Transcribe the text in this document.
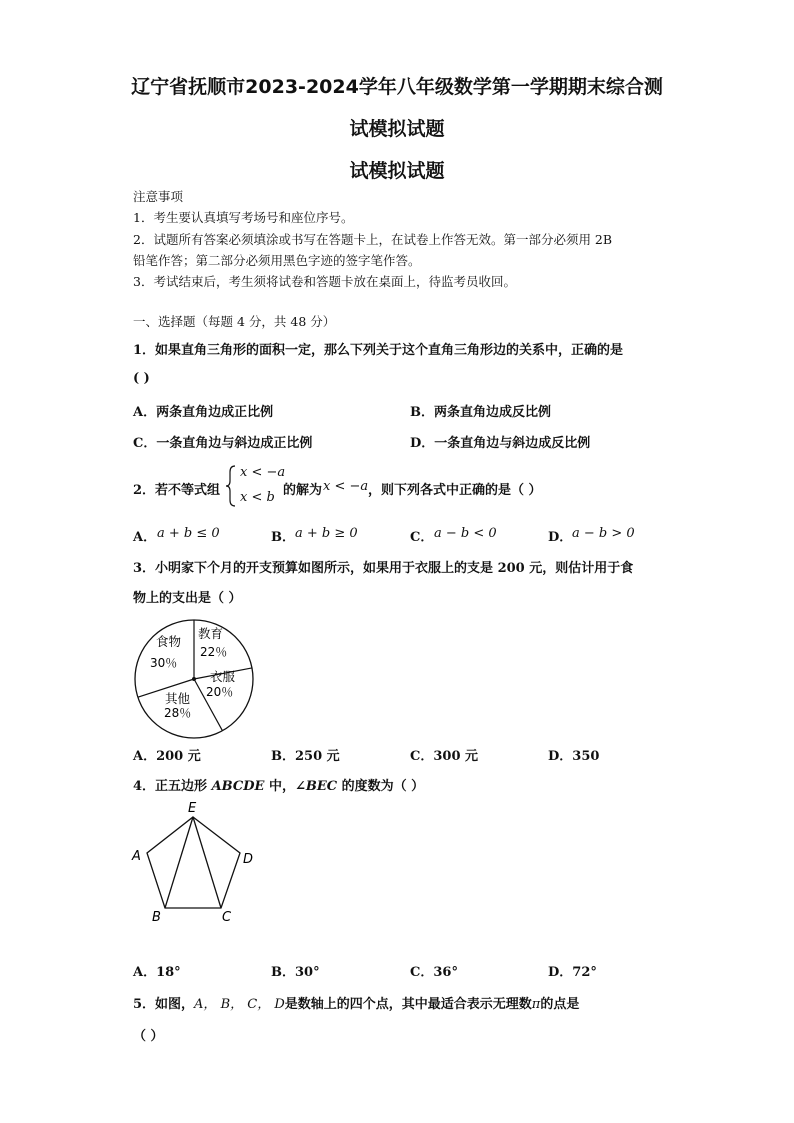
辽宁省抚顺市2023-2024学年八年级数学第一学期期末综合测
试模拟试题
试模拟试题
注意事项
1．考生要认真填写考场号和座位序号。
2．试题所有答案必须填涂或书写在答题卡上，在试卷上作答无效。第一部分必须用 2B
铅笔作答；第二部分必须用黑色字迹的签字笔作答。
3．考试结束后，考生须将试卷和答题卡放在桌面上，待监考员收回。
一、选择题（每题 4 分，共 48 分）
1．如果直角三角形的面积一定，那么下列关于这个直角三角形边的关系中，正确的是
( )
A．两条直角边成正比例	B．两条直角边成反比例
C．一条直角边与斜边成正比例	D．一条直角边与斜边成反比例
2．若不等式组
x < −a
x < b 的解为 x < −a ，则下列各式中正确的是（ ）
A． a + b ≤ 0	B． a + b ≥ 0	C． a − b < 0	D． a − b > 0
3．小明家下个月的开支预算如图所示，如果用于衣服上的支是 200 元，则估计用于食
物上的支出是（ ）
食物
30％
教育
22％
衣服
20％
其他
28％
A．200 元	B．250 元	C．300 元	D．350
4．正五边形 ABCDE 中，∠BEC 的度数为（ ）
E
A	D
B	C
A．18°	B．30°	C．36°	D．72°
5．如图，A， B， C， D是数轴上的四个点，其中最适合表示无理数π的点是
（ ）
